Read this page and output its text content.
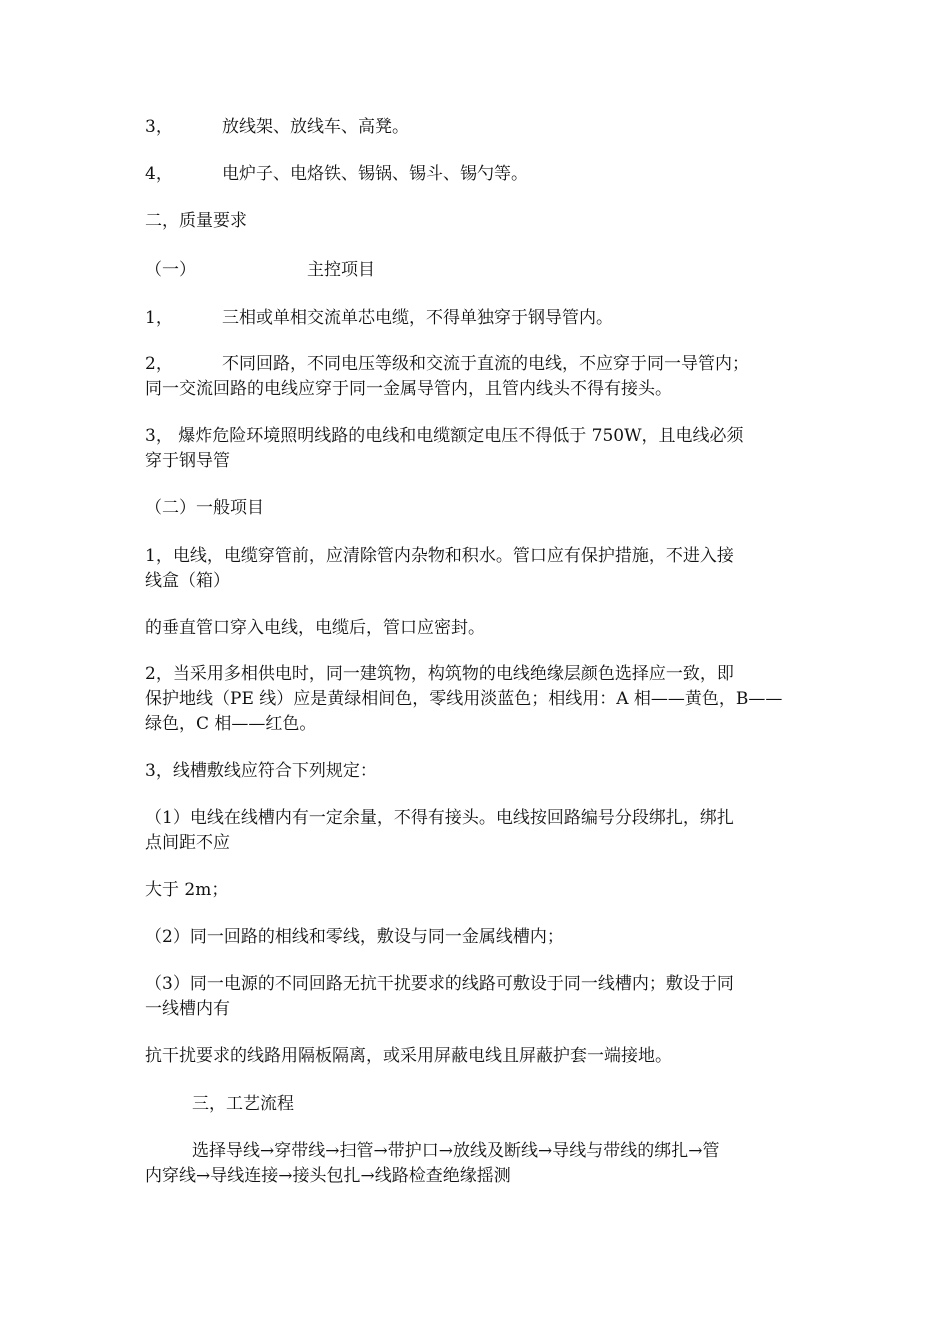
3，	放线架、放线车、高凳。
4，	电炉子、电烙铁、锡锅、锡斗、锡勺等。
二，质量要求
（一）	主控项目
1，	三相或单相交流单芯电缆，不得单独穿于钢导管内。
2，	不同回路，不同电压等级和交流于直流的电线，不应穿于同一导管内；
同一交流回路的电线应穿于同一金属导管内，且管内线头不得有接头。
3， 爆炸危险环境照明线路的电线和电缆额定电压不得低于 750W，且电线必须
穿于钢导管
（二）一般项目
1，电线，电缆穿管前，应清除管内杂物和积水。管口应有保护措施，不进入接
线盒（箱）
的垂直管口穿入电线，电缆后，管口应密封。
2，当采用多相供电时，同一建筑物，构筑物的电线绝缘层颜色选择应一致，即
保护地线（PE 线）应是黄绿相间色，零线用淡蓝色；相线用：A 相——黄色，B——
绿色，C 相——红色。
3，线槽敷线应符合下列规定：
（1）电线在线槽内有一定余量，不得有接头。电线按回路编号分段绑扎，绑扎
点间距不应
大于 2m；
（2）同一回路的相线和零线，敷设与同一金属线槽内；
（3）同一电源的不同回路无抗干扰要求的线路可敷设于同一线槽内；敷设于同
一线槽内有
抗干扰要求的线路用隔板隔离，或采用屏蔽电线且屏蔽护套一端接地。
三，工艺流程
选择导线→穿带线→扫管→带护口→放线及断线→导线与带线的绑扎→管
内穿线→导线连接→接头包扎→线路检查绝缘摇测
